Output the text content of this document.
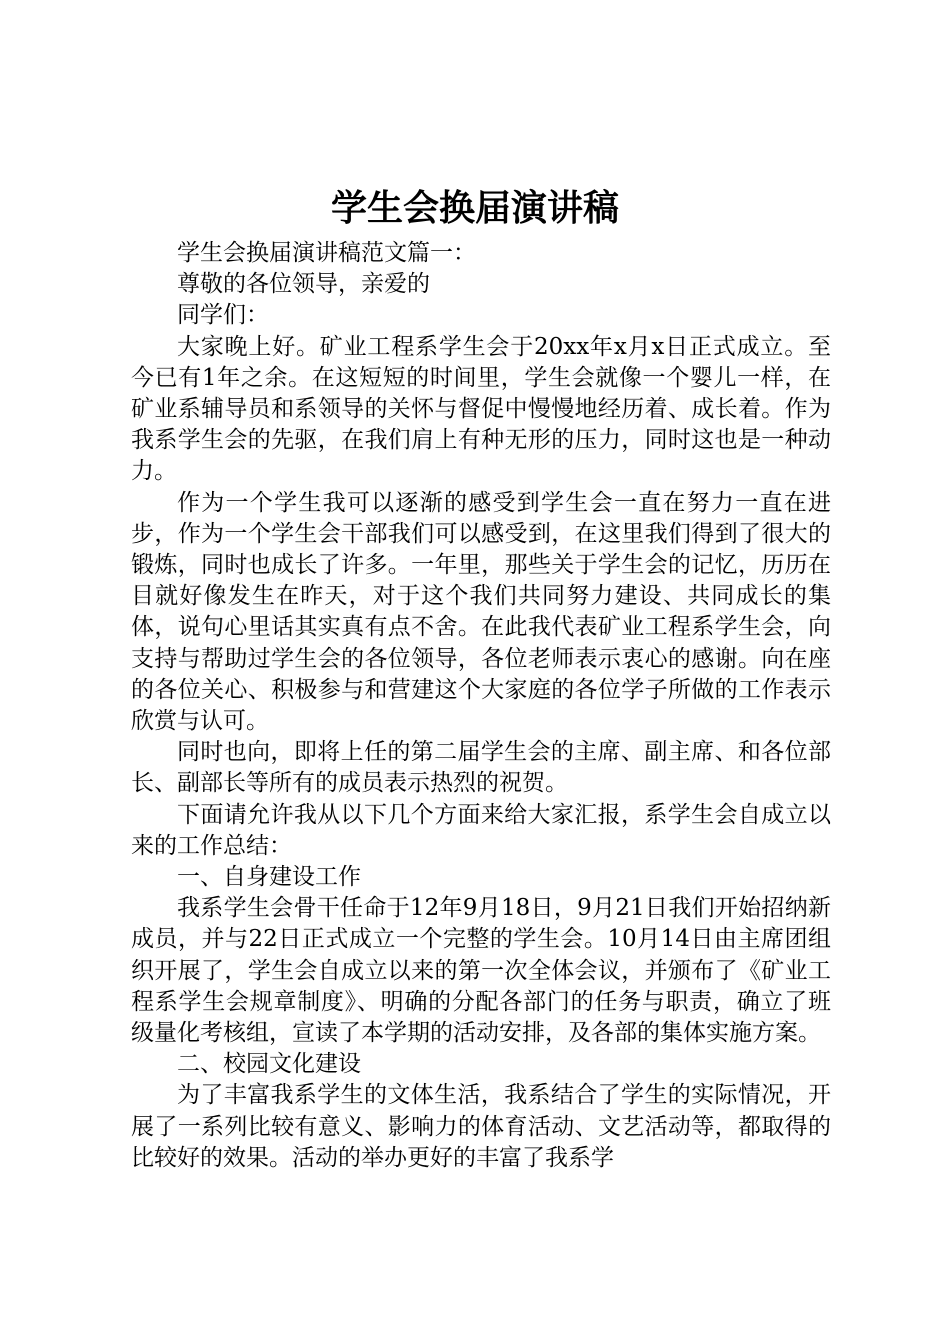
学生会换届演讲稿

学生会换届演讲稿范文篇一：

尊敬的各位领导，亲爱的

同学们：

大家晚上好。矿业工程系学生会于20xx年x月x日正式成立。至今已有1年之余。在这短短的时间里，学生会就像一个婴儿一样，在矿业系辅导员和系领导的关怀与督促中慢慢地经历着、成长着。作为我系学生会的先驱，在我们肩上有种无形的压力，同时这也是一种动力。

作为一个学生我可以逐渐的感受到学生会一直在努力一直在进步，作为一个学生会干部我们可以感受到，在这里我们得到了很大的锻炼，同时也成长了许多。一年里，那些关于学生会的记忆，历历在目就好像发生在昨天，对于这个我们共同努力建设、共同成长的集体，说句心里话其实真有点不舍。在此我代表矿业工程系学生会，向支持与帮助过学生会的各位领导，各位老师表示衷心的感谢。向在座的各位关心、积极参与和营建这个大家庭的各位学子所做的工作表示欣赏与认可。

同时也向，即将上任的第二届学生会的主席、副主席、和各位部长、副部长等所有的成员表示热烈的祝贺。

下面请允许我从以下几个方面来给大家汇报，系学生会自成立以来的工作总结：

一、自身建设工作

我系学生会骨干任命于12年9月18日，9月21日我们开始招纳新成员，并与22日正式成立一个完整的学生会。10月14日由主席团组织开展了，学生会自成立以来的第一次全体会议，并颁布了《矿业工程系学生会规章制度》、明确的分配各部门的任务与职责，确立了班级量化考核组，宣读了本学期的活动安排，及各部的集体实施方案。

二、校园文化建设

为了丰富我系学生的文体生活，我系结合了学生的实际情况，开展了一系列比较有意义、影响力的体育活动、文艺活动等，都取得的比较好的效果。活动的举办更好的丰富了我系学
